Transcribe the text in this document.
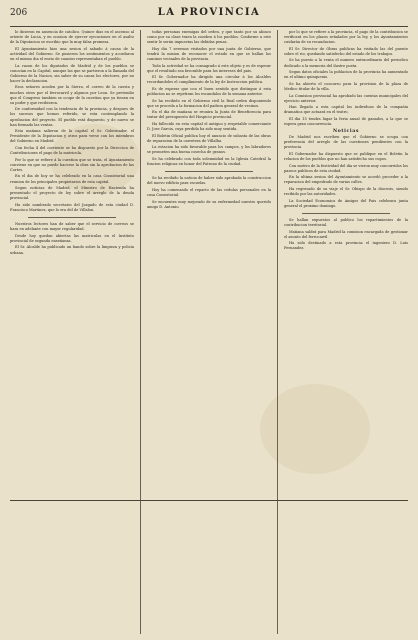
206	LA PROVINCIA

lo dicieron en ausencia de catolico. Quince dias en el ascenso al oriente de Lucia, y en ocasion de ejercer ejecuciones en el asalto de la Diputacion se escribio que la muy falsa promesa.

El Ayuntamiento hizo una sesion el sabado á causa de la actividad del Gobierno. Se pusieron los sentimientos y acordaron en el mismo dia el envio de cuantos representaban el pueblo.

La razon de los diputados de Madrid y de los pueblos se conocian en la Capital, aunque las que se partieron a la llamada del Gobierno de la Nacion, sin saber de su causa los electores, por no hacer la declaracion.

Esos señores acuden por la Sierra, el correo de la cuesta y muchos otros por el ferrocarril y algunos por Leon. Se pretendio que el Congreso tambien se ocupe de la cuestion que ya tienen en su poder y que recibieron.

De conformidad con la tendencia de la provincia, y despues de los sucesos que hemos referido, se esta contemplando la aprobacion del proyecto. El pueblo está dispuesto, y de nuevo se han formado las ventas.

Esta mañana salieron de la capital el Sr. Gobernador, el Presidente de la Diputacion y otros para verse con los miembros del Gobierno en Madrid.

Con fecha 4 del corriente se ha dispuesto por la Direccion de Contribuciones el pago de la matricula.

Por lo que se refiere á la cuestion que se trata, el Ayuntamiento conviene en que no puede hacerse la obra sin la aprobacion de las Cortes.

En el dia de hoy se ha celebrado en la casa Consistorial una reunion de los principales propietarios de esta capital.

Segun noticias de Madrid, el Ministro de Hacienda ha presentado el proyecto de ley sobre el arreglo de la deuda provincial.

Ha sido nombrado secretario del Juzgado de esta ciudad D. Francisco Martinez, que lo era del de Villalon.

Nuestros lectores han de saber que el servicio de correos se hara en adelante con mayor regularidad.

Desde hoy quedan abiertas las matriculas en el Instituto provincial de segunda enseñanza.

El Sr. Alcalde ha publicado un bando sobre la limpieza y policia urbana.

todas personas enemigas del orden, y que tanto por su ahinco como por su clase traen la zozobra á los pueblos. Conforme a este sentir le serán impuestas las debidas penas.

Hoy dia 7 seremos visitados por una junta de Gobierno, que tendrá la mision de reconocer el estado en que se hallan los caminos vecinales de la provincia.

Toda la actividad se ha consagrado á este objeto y es de esperar que el resultado sea favorable para los intereses del pais.

El Sr. Gobernador ha dirigido una circular á los Alcaldes recordandoles el cumplimiento de la ley de Instruccion publica.

Es de esperar que con el buen sentido que distingue á esta poblacion no se repetiran los escandalos de la semana anterior.

Se ha recibido en el Gobierno civil la Real orden disponiendo que se proceda a la formacion del padron general de vecinos.

En el dia de mañana se reunira la Junta de Beneficencia para tratar del presupuesto del Hospicio provincial.

Ha fallecido en esta capital el antiguo y respetable comerciante D. Jose Garcia, cuya perdida ha sido muy sentida.

El Boletin Oficial publica hoy el anuncio de subasta de las obras de reparacion de la carretera de Villalba.

La estacion ha sido favorable para los campos, y los labradores se prometen una buena cosecha de granos.

Se ha celebrado con toda solemnidad en la Iglesia Catedral la funcion religiosa en honor del Patrono de la ciudad.

Se ha recibido la noticia de haber sido aprobada la construccion del nuevo edificio para escuelas.

Hoy ha comenzado el reparto de las cedulas personales en la casa Consistorial.

Se encuentra muy mejorado de su enfermedad nuestro querido amigo D. Antonio.

por lo que se refiere a la provincia, el pago de la contribucion se verificará en los plazos señalados por la ley, y los Ayuntamientos cuidarán de su recaudacion.

El Sr. Director de Obras publicas ha visitado las del puente sobre el rio, quedando satisfecho del estado de los trabajos.

Se ha puesto a la venta el numero extraordinario del periodico dedicado a la memoria del ilustre poeta.

Segun datos oficiales la poblacion de la provincia ha aumentado en el ultimo quinquenio.

Se ha abierto el concurso para la provision de la plaza de Medico titular de la villa.

La Comision provincial ha aprobado las cuentas municipales del ejercicio anterior.

Han llegado a esta capital los individuos de la compañia dramatica que actuará en el teatro.

El dia 15 tendra lugar la feria anual de ganados, a la que se espera gran concurrencia.

Noticias

De Madrid nos escriben que el Gobierno se ocupa con preferencia del arreglo de las cuestiones pendientes con la provincia.

El Gobernador ha dispuesto que se publique en el Boletin la relacion de los pueblos que no han satisfecho sus cupos.

Con motivo de la festividad del dia se vieron muy concurridos los paseos publicos de esta ciudad.

En la ultima sesion del Ayuntamiento se acordó proceder a la reparacion del empedrado de varias calles.

Ha regresado de su viaje el Sr. Obispo de la diocesis, siendo recibido por las autoridades.

La Sociedad Economica de Amigos del Pais celebrara junta general el proximo domingo.

Se hallan expuestos al publico los repartimientos de la contribucion territorial.

Mañana saldrá para Madrid la comision encargada de gestionar el asunto del ferrocarril.

Ha sido destinado a esta provincia el ingeniero D. Luis Fernandez.
